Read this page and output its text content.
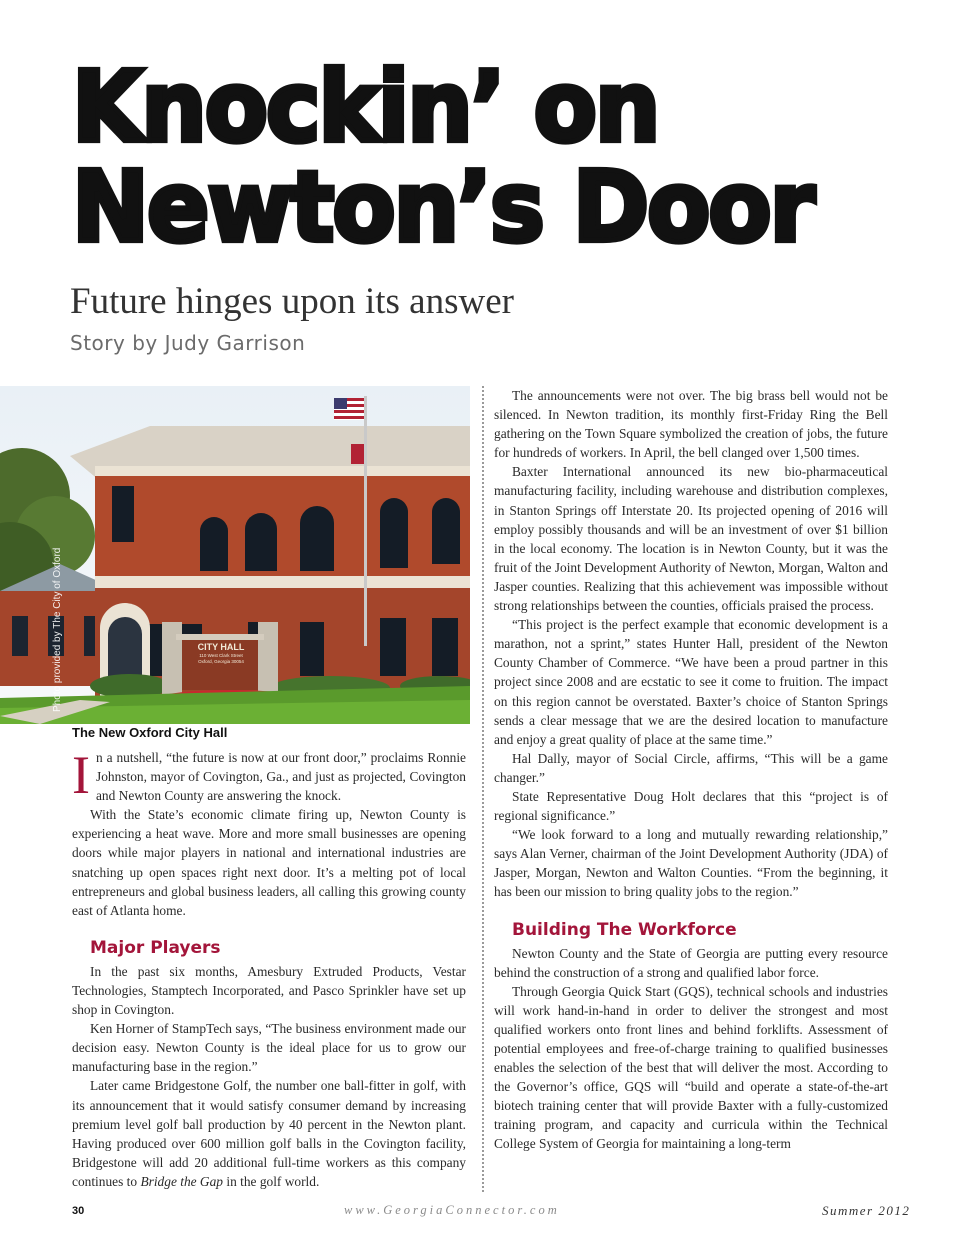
Knockin’ on
Newton’s Door
Future hinges upon its answer
Story by Judy Garrison
CITY HALL
110 West Clark Street
Oxford, Georgia 30054
Photo provided by The City of Oxford
The New Oxford City Hall

In a nutshell, “the future is now at our front door,” proclaims Ronnie Johnston, mayor of Covington, Ga., and just as projected, Covington and Newton County are answering the knock.

With the State’s economic climate firing up, Newton County is experiencing a heat wave. More and more small businesses are opening doors while major players in national and international industries are snatching up open spaces right next door. It’s a melting pot of local entrepreneurs and global business leaders, all calling this growing county east of Atlanta home.

Major Players

In the past six months, Amesbury Extruded Products, Vestar Technologies, Stamptech Incorporated, and Pasco Sprinkler have set up shop in Covington.

Ken Horner of StampTech says, “The business environment made our decision easy. Newton County is the ideal place for us to grow our manufacturing base in the region.”

Later came Bridgestone Golf, the number one ball-fitter in golf, with its announcement that it would satisfy consumer demand by increasing premium level golf ball production by 40 percent in the Newton plant. Having produced over 600 million golf balls in the Covington facility, Bridgestone will add 20 additional full-time workers as this company continues to Bridge the Gap in the golf world.

The announcements were not over. The big brass bell would not be silenced. In Newton tradition, its monthly first-Friday Ring the Bell gathering on the Town Square symbolized the creation of jobs, the future for hundreds of workers. In April, the bell clanged over 1,500 times.

Baxter International announced its new bio-pharmaceutical manufacturing facility, including warehouse and distribution complexes, in Stanton Springs off Interstate 20. Its projected opening of 2016 will employ possibly thousands and will be an investment of over $1 billion in the local economy. The location is in Newton County, but it was the fruit of the Joint Development Authority of Newton, Morgan, Walton and Jasper counties. Realizing that this achievement was impossible without strong relationships between the counties, officials praised the process.

“This project is the perfect example that economic development is a marathon, not a sprint,” states Hunter Hall, president of the Newton County Chamber of Commerce. “We have been a proud partner in this project since 2008 and are ecstatic to see it come to fruition. The impact on this region cannot be overstated. Baxter’s choice of Stanton Springs sends a clear message that we are the desired location to manufacture and enjoy a great quality of place at the same time.”

Hal Dally, mayor of Social Circle, affirms, “This will be a game changer.”

State Representative Doug Holt declares that this “project is of regional significance.”

“We look forward to a long and mutually rewarding relationship,” says Alan Verner, chairman of the Joint Development Authority (JDA) of Jasper, Morgan, Newton and Walton Counties. “From the beginning, it has been our mission to bring quality jobs to the region.”

Building The Workforce

Newton County and the State of Georgia are putting every resource behind the construction of a strong and qualified labor force.

Through Georgia Quick Start (GQS), technical schools and industries will work hand-in-hand in order to deliver the strongest and most qualified workers onto front lines and behind forklifts. Assessment of potential employees and free-of-charge training to qualified businesses enables the selection of the best that will deliver the most. According to the Governor’s office, GQS will “build and operate a state-of-the-art biotech training center that will provide Baxter with a fully-customized training program, and capacity and curricula within the Technical College System of Georgia for maintaining a long-term

30	www.GeorgiaConnector.com	Summer 2012
